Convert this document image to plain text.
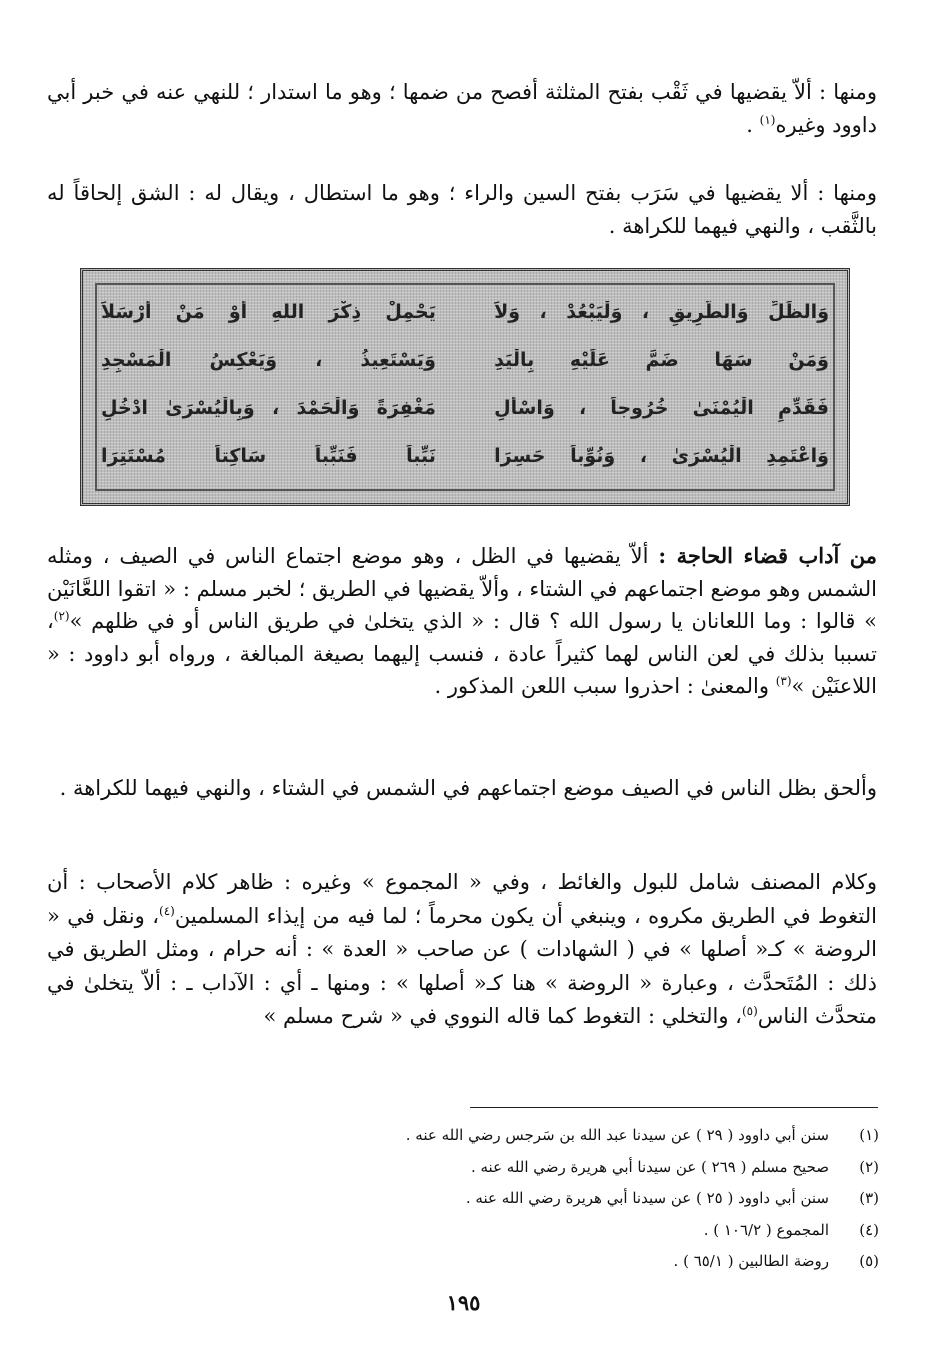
ومنها : ألاّ يقضيها في ثَقْب بفتح المثلثة أفصح من ضمها ؛ وهو ما استدار ؛ للنهي عنه في خبر أبي داوود وغيره$^{(١)}$ .

ومنها : ألا يقضيها في سَرَب بفتح السين والراء ؛ وهو ما استطال ، ويقال له : الشق إلحاقاً له بالثَّقب ، والنهي فيهما للكراهة .

وَالظِّلِّ وَالطَّرِيقِ ، وَلْيَبْعُدْ ، وَلاَ
يَحْمِلْ ذِكْرَ اللهِ أَوْ مَنْ أَرْسَلاَ
وَمَنْ سَهَا ضَمَّ عَلَيْهِ بِالْيَدِ
وَيَسْتَعِيذُ ، وَيَعْكِسُ الْمَسْجِدِ
فَقَدِّمِ الْيُمْنَىٰ خُرُوجاً ، وَاسْأَلِ
مَغْفِرَةً وَالْحَمْدَ ، وَبِالْيُسْرَىٰ ادْخُلِ
وَاعْتَمِدِ الْيُسْرَىٰ ، وَنُوِّباً حَسِرَا
نَبِّباً فَنَبِّباً سَاكِتاً مُسْتَتِرَا

من آداب قضاء الحاجة : ألاّ يقضيها في الظل ، وهو موضع اجتماع الناس في الصيف ، ومثله الشمس وهو موضع اجتماعهم في الشتاء ، وألاّ يقضيها في الطريق ؛ لخبر مسلم : « اتقوا اللعَّانَيْن » قالوا : وما اللعانان يا رسول الله ؟ قال : « الذي يتخلىٰ في طريق الناس أو في ظلهم »$^{(٢)}$، تسببا بذلك في لعن الناس لهما كثيراً عادة ، فنسب إليهما بصيغة المبالغة ، ورواه أبو داوود : « اللاعنَيْن »$^{(٣)}$ والمعنىٰ : احذروا سبب اللعن المذكور .

وألحق بظل الناس في الصيف موضع اجتماعهم في الشمس في الشتاء ، والنهي فيهما للكراهة .

وكلام المصنف شامل للبول والغائط ، وفي « المجموع » وغيره : ظاهر كلام الأصحاب : أن التغوط في الطريق مكروه ، وينبغي أن يكون محرماً ؛ لما فيه من إيذاء المسلمين$^{(٤)}$، ونقل في « الروضة » كـ« أصلها » في ( الشهادات ) عن صاحب « العدة » : أنه حرام ، ومثل الطريق في ذلك : المُتَحدَّث ، وعبارة « الروضة » هنا كـ« أصلها » : ومنها ـ أي : الآداب ـ : ألاّ يتخلىٰ في متحدَّث الناس$^{(٥)}$، والتخلي : التغوط كما قاله النووي في « شرح مسلم »

(١)
سنن أبي داوود ( ٢٩ ) عن سيدنا عبد الله بن سَرجس رضي الله عنه .
(٢)
صحيح مسلم ( ٢٦٩ ) عن سيدنا أبي هريرة رضي الله عنه .
(٣)
سنن أبي داوود ( ٢٥ ) عن سيدنا أبي هريرة رضي الله عنه .
(٤)
المجموع ( ١٠٦/٢ ) .
(٥)
روضة الطالبين ( ٦٥/١ ) .
١٩٥
